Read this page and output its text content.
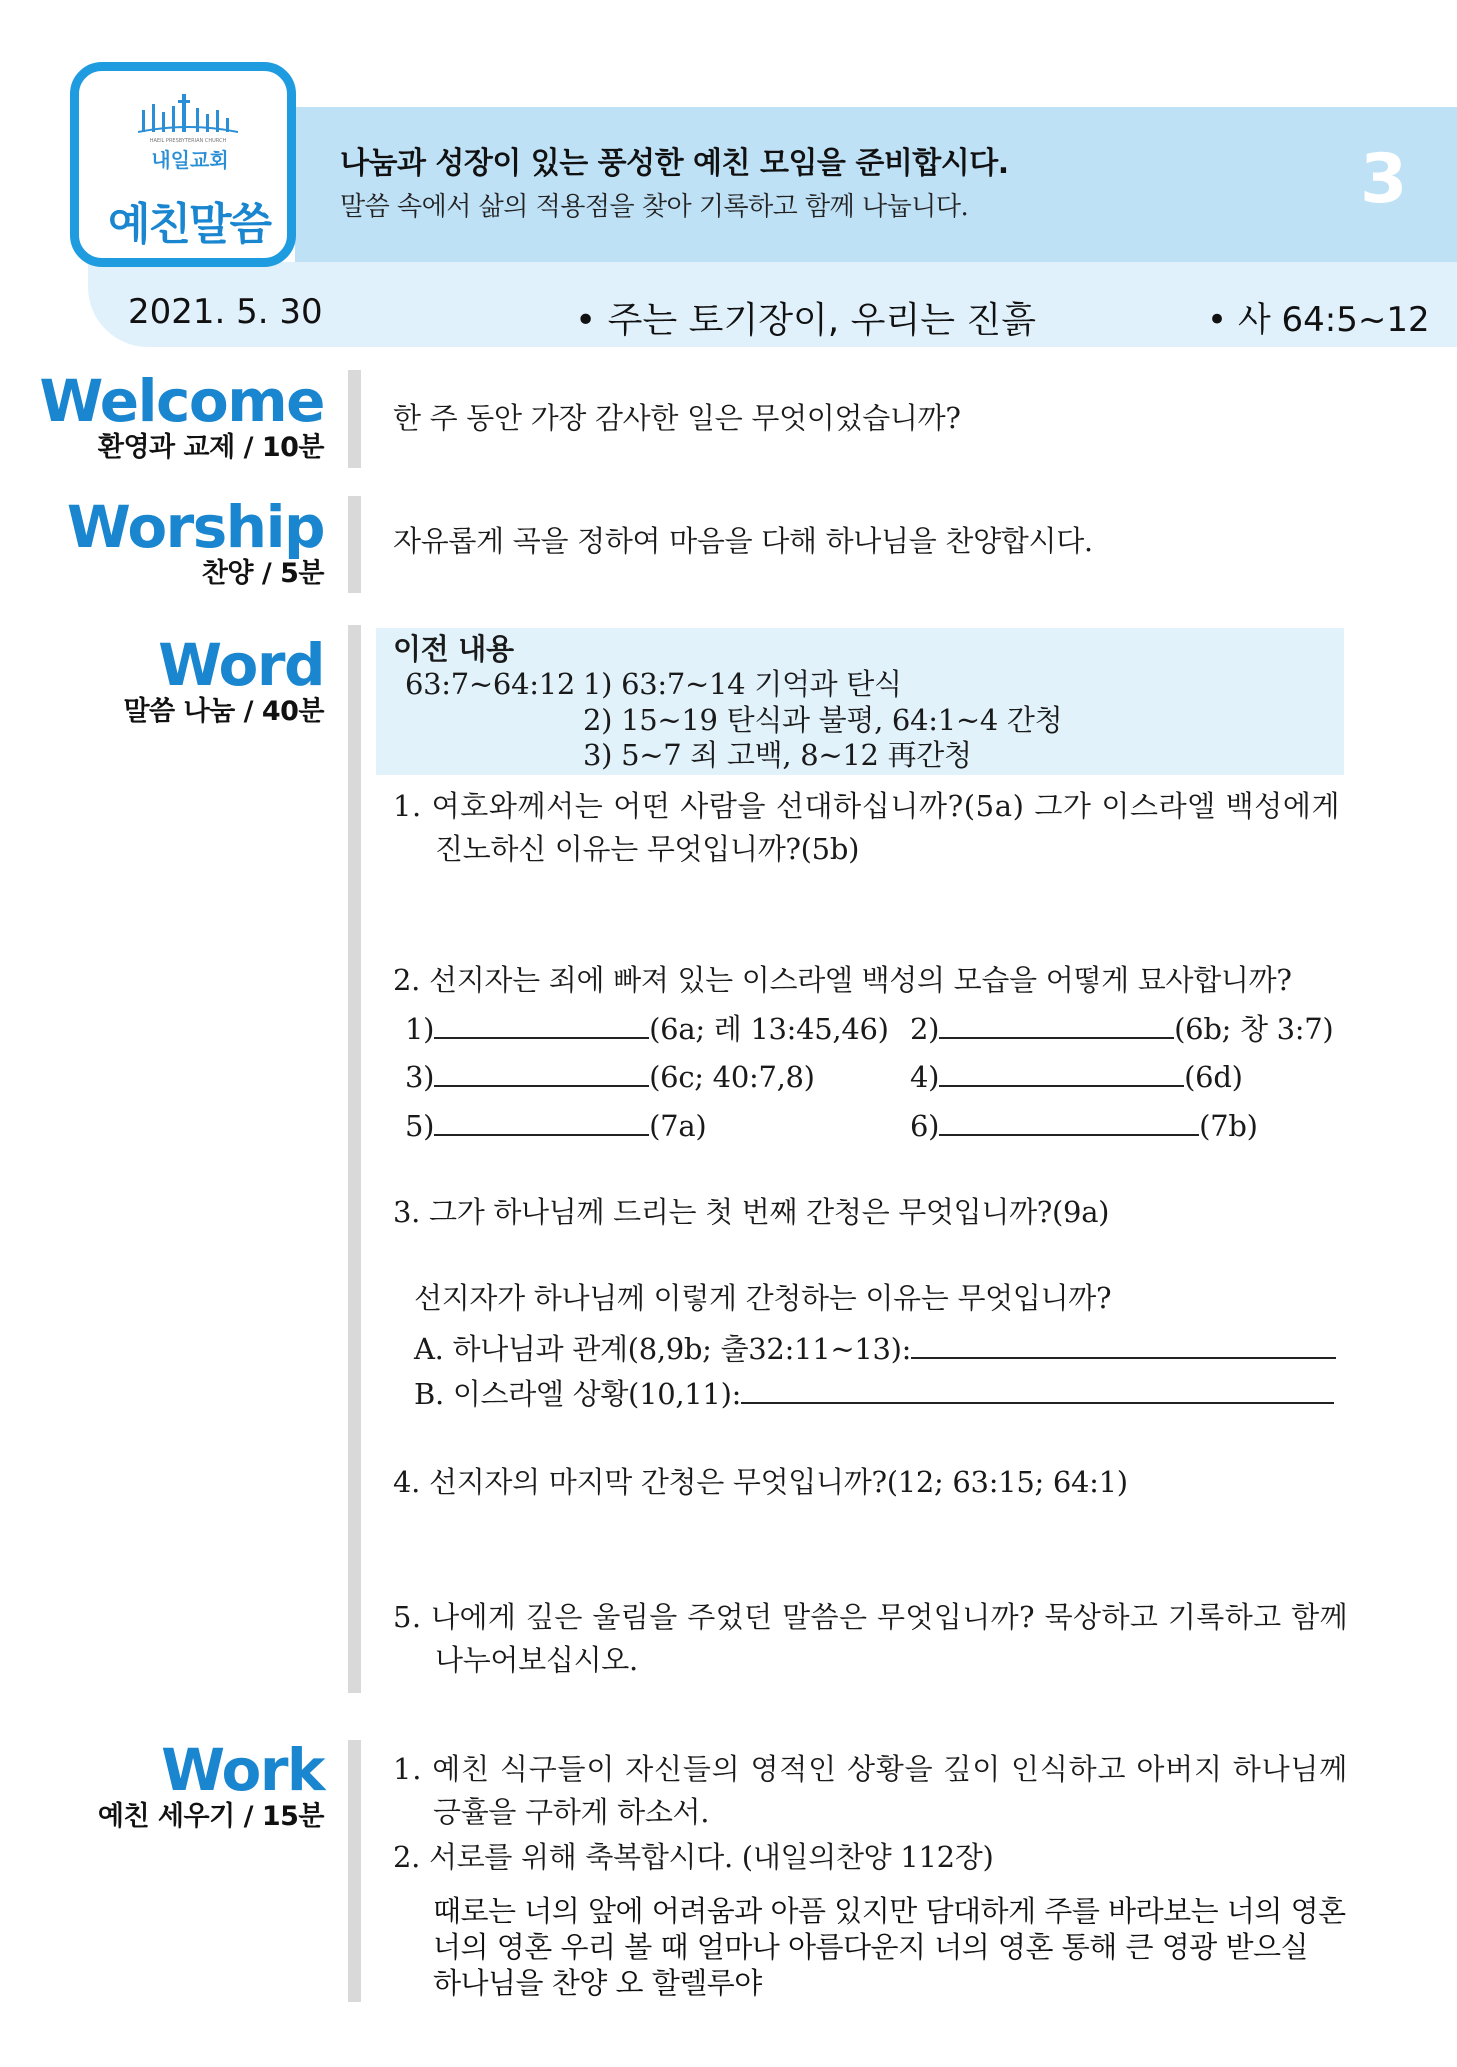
HAEIL PRESBYTERIAN CHURCH
내일교회
예친말씀
나눔과 성장이 있는 풍성한 예친 모임을 준비합시다.
말씀 속에서 삶의 적용점을 찾아 기록하고 함께 나눕니다.	3
2021. 5. 30	• 주는 토기장이, 우리는 진흙	• 사 64:5~12
Welcome
환영과 교제 / 10분
한 주 동안 가장 감사한 일은 무엇이었습니까?
Worship
찬양 / 5분
자유롭게 곡을 정하여 마음을 다해 하나님을 찬양합시다.
Word
말씀 나눔 / 40분
이전 내용
63:7~64:12 1) 63:7~14 기억과 탄식
2) 15~19 탄식과 불평, 64:1~4 간청
3) 5~7 죄 고백, 8~12 再간청
1. 여호와께서는 어떤 사람을 선대하십니까?(5a) 그가 이스라엘 백성에게
진노하신 이유는 무엇입니까?(5b)
2. 선지자는 죄에 빠져 있는 이스라엘 백성의 모습을 어떻게 묘사합니까?
1)	(6a; 레 13:45,46) 2)	(6b; 창 3:7)
3)	(6c; 40:7,8)	4)	(6d)
5)	(7a)	6)	(7b)
3. 그가 하나님께 드리는 첫 번째 간청은 무엇입니까?(9a)
선지자가 하나님께 이렇게 간청하는 이유는 무엇입니까?
A. 하나님과 관계(8,9b; 출32:11~13):
B. 이스라엘 상황(10,11):
4. 선지자의 마지막 간청은 무엇입니까?(12; 63:15; 64:1)
5. 나에게 깊은 울림을 주었던 말씀은 무엇입니까? 묵상하고 기록하고 함께
나누어보십시오.
Work
예친 세우기 / 15분
1. 예친 식구들이 자신들의 영적인 상황을 깊이 인식하고 아버지 하나님께
긍휼을 구하게 하소서.
2. 서로를 위해 축복합시다. (내일의찬양 112장)
때로는 너의 앞에 어려움과 아픔 있지만 담대하게 주를 바라보는 너의 영혼
너의 영혼 우리 볼 때 얼마나 아름다운지 너의 영혼 통해 큰 영광 받으실
하나님을 찬양 오 할렐루야
